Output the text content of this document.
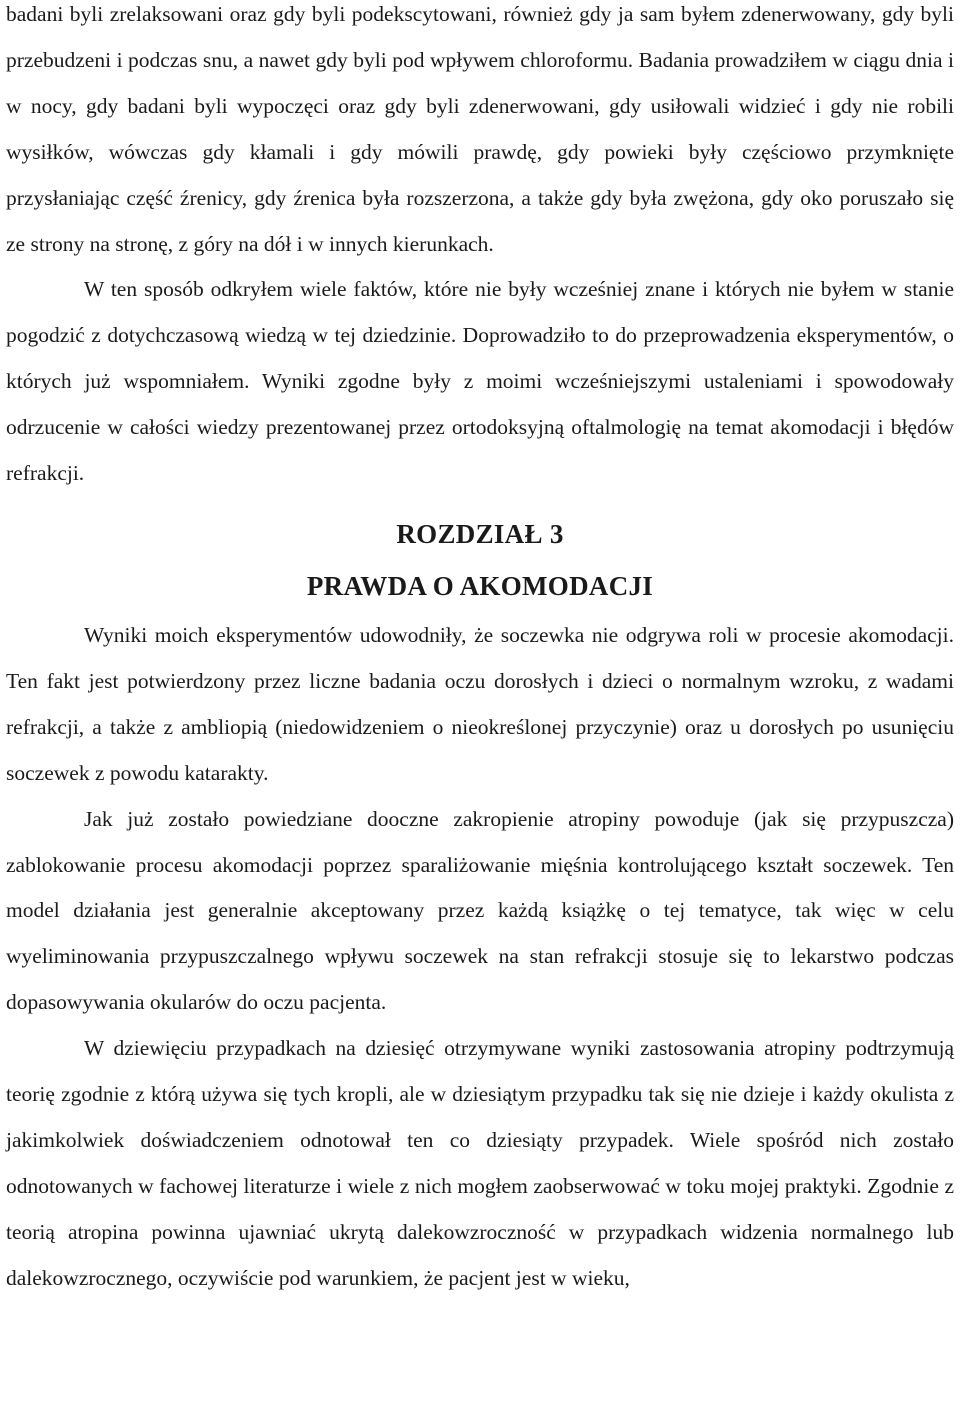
badani byli zrelaksowani oraz gdy byli podekscytowani, również gdy ja sam byłem zdenerwowany, gdy byli przebudzeni i podczas snu, a nawet gdy byli pod wpływem chloroformu. Badania prowadziłem w ciągu dnia i w nocy, gdy badani byli wypoczęci oraz gdy byli zdenerwowani, gdy usiłowali widzieć i gdy nie robili wysiłków, wówczas gdy kłamali i gdy mówili prawdę, gdy powieki były częściowo przymknięte przysłaniając część źrenicy, gdy źrenica była rozszerzona, a także gdy była zwężona, gdy oko poruszało się ze strony na stronę, z góry na dół i w innych kierunkach.

W ten sposób odkryłem wiele faktów, które nie były wcześniej znane i których nie byłem w stanie pogodzić z dotychczasową wiedzą w tej dziedzinie. Doprowadziło to do przeprowadzenia eksperymentów, o których już wspomniałem. Wyniki zgodne były z moimi wcześniejszymi ustaleniami i spowodowały odrzucenie w całości wiedzy prezentowanej przez ortodoksyjną oftalmologię na temat akomodacji i błędów refrakcji.

ROZDZIAŁ 3
PRAWDA O AKOMODACJI

Wyniki moich eksperymentów udowodniły, że soczewka nie odgrywa roli w procesie akomodacji. Ten fakt jest potwierdzony przez liczne badania oczu dorosłych i dzieci o normalnym wzroku, z wadami refrakcji, a także z ambliopią (niedowidzeniem o nieokreślonej przyczynie) oraz u dorosłych po usunięciu soczewek z powodu katarakty.

Jak już zostało powiedziane dooczne zakropienie atropiny powoduje (jak się przypuszcza) zablokowanie procesu akomodacji poprzez sparaliżowanie mięśnia kontrolującego kształt soczewek. Ten model działania jest generalnie akceptowany przez każdą książkę o tej tematyce, tak więc w celu wyeliminowania przypuszczalnego wpływu soczewek na stan refrakcji stosuje się to lekarstwo podczas dopasowywania okularów do oczu pacjenta.

W dziewięciu przypadkach na dziesięć otrzymywane wyniki zastosowania atropiny podtrzymują teorię zgodnie z którą używa się tych kropli, ale w dziesiątym przypadku tak się nie dzieje i każdy okulista z jakimkolwiek doświadczeniem odnotował ten co dziesiąty przypadek. Wiele spośród nich zostało odnotowanych w fachowej literaturze i wiele z nich mogłem zaobserwować w toku mojej praktyki. Zgodnie z teorią atropina powinna ujawniać ukrytą dalekowzroczność w przypadkach widzenia normalnego lub dalekowzrocznego, oczywiście pod warunkiem, że pacjent jest w wieku,
